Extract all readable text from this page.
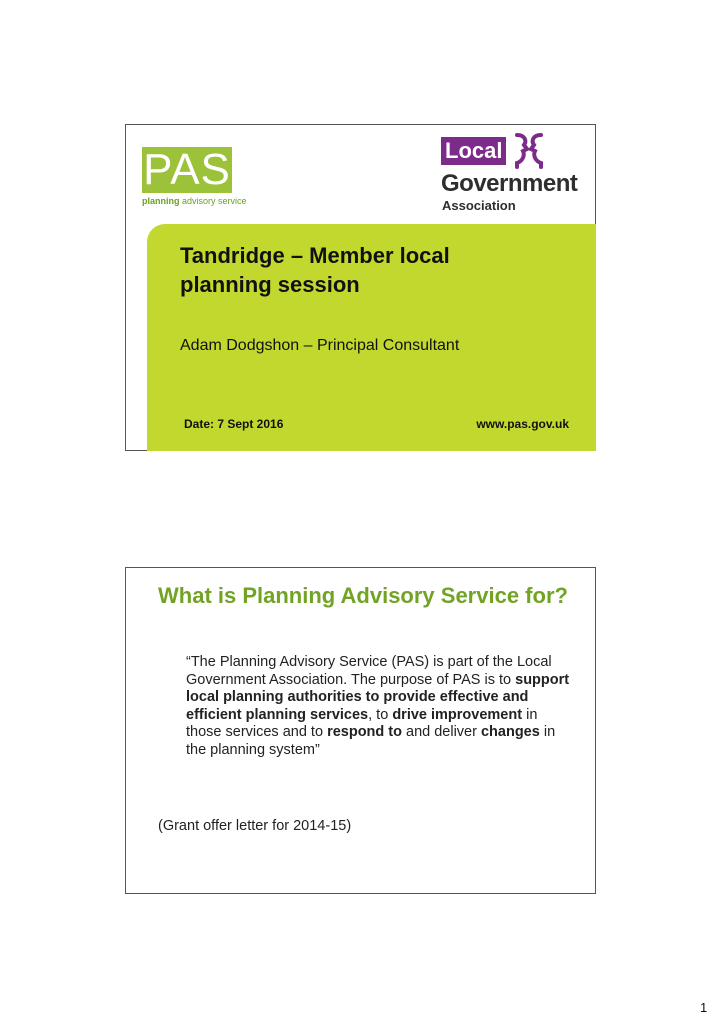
PAS
planning advisory service
Local
Government
Association
Tandridge – Member local planning session
Adam Dodgshon – Principal Consultant
Date: 7 Sept 2016	www.pas.gov.uk
What is Planning Advisory Service for?
“The Planning Advisory Service (PAS) is part of the Local Government Association. The purpose of PAS is to support local planning authorities to provide effective and efficient planning services, to drive improvement in those services and to respond to and deliver changes in the planning system”
(Grant offer letter for 2014-15)
1
